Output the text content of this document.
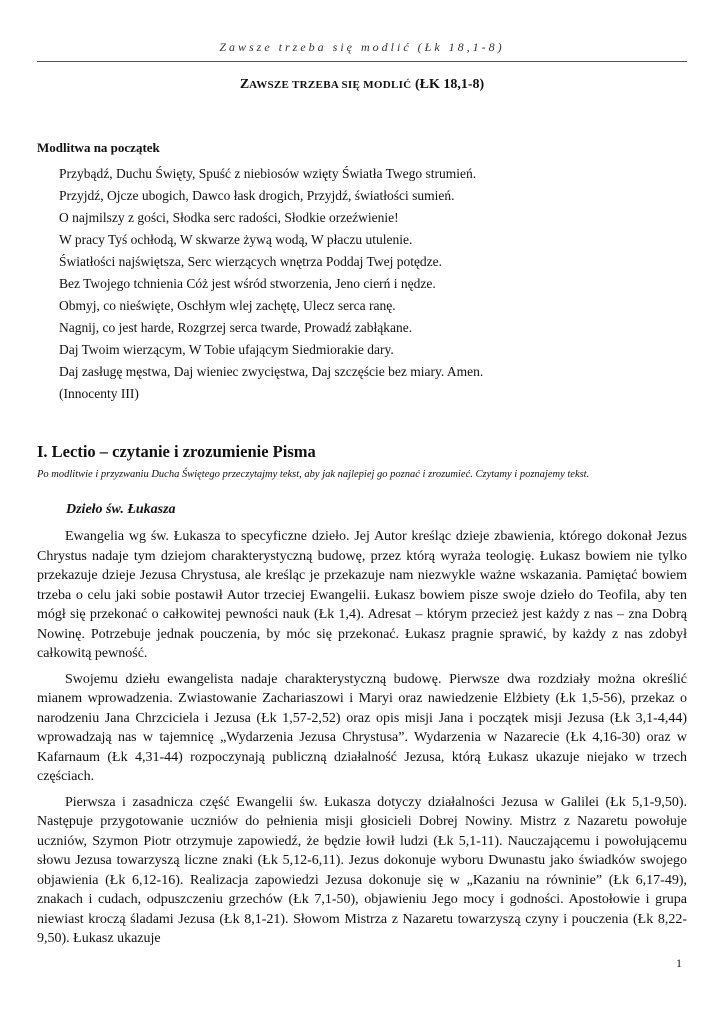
Zawsze trzeba się modlić (Łk 18,1-8)
ZAWSZE TRZEBA SIĘ MODLIĆ (ŁK 18,1-8)
Modlitwa na początek
Przybądź, Duchu Święty, Spuść z niebiosów wzięty Światła Twego strumień.
Przyjdź, Ojcze ubogich, Dawco łask drogich, Przyjdź, światłości sumień.
O najmilszy z gości, Słodka serc radości, Słodkie orzeźwienie!
W pracy Tyś ochłodą, W skwarze żywą wodą, W płaczu utulenie.
Światłości najświętsza, Serc wierzących wnętrza Poddaj Twej potędze.
Bez Twojego tchnienia Cóż jest wśród stworzenia, Jeno cierń i nędze.
Obmyj, co nieświęte, Oschłym wlej zachętę, Ulecz serca ranę.
Nagnij, co jest harde, Rozgrzej serca twarde, Prowadź zabłąkane.
Daj Twoim wierzącym, W Tobie ufającym Siedmiorakie dary.
Daj zasługę męstwa, Daj wieniec zwycięstwa, Daj szczęście bez miary. Amen.
(Innocenty III)
I. Lectio – czytanie i zrozumienie Pisma
Po modlitwie i przyzwaniu Ducha Świętego przeczytajmy tekst, aby jak najlepiej go poznać i zrozumieć. Czytamy i poznajemy tekst.
Dzieło św. Łukasza

Ewangelia wg św. Łukasza to specyficzne dzieło. Jej Autor kreśląc dzieje zbawienia, którego dokonał Jezus Chrystus nadaje tym dziejom charakterystyczną budowę, przez którą wyraża teologię. Łukasz bowiem nie tylko przekazuje dzieje Jezusa Chrystusa, ale kreśląc je przekazuje nam niezwykle ważne wskazania. Pamiętać bowiem trzeba o celu jaki sobie postawił Autor trzeciej Ewangelii. Łukasz bowiem pisze swoje dzieło do Teofila, aby ten mógł się przekonać o całkowitej pewności nauk (Łk 1,4). Adresat – którym przecież jest każdy z nas – zna Dobrą Nowinę. Potrzebuje jednak pouczenia, by móc się przekonać. Łukasz pragnie sprawić, by każdy z nas zdobył całkowitą pewność.

Swojemu dziełu ewangelista nadaje charakterystyczną budowę. Pierwsze dwa rozdziały można określić mianem wprowadzenia. Zwiastowanie Zachariaszowi i Maryi oraz nawiedzenie Elżbiety (Łk 1,5-56), przekaz o narodzeniu Jana Chrzciciela i Jezusa (Łk 1,57-2,52) oraz opis misji Jana i początek misji Jezusa (Łk 3,1-4,44) wprowadzają nas w tajemnicę „Wydarzenia Jezusa Chrystusa”. Wydarzenia w Nazarecie (Łk 4,16-30) oraz w Kafarnaum (Łk 4,31-44) rozpoczynają publiczną działalność Jezusa, którą Łukasz ukazuje niejako w trzech częściach.

Pierwsza i zasadnicza część Ewangelii św. Łukasza dotyczy działalności Jezusa w Galilei (Łk 5,1-9,50). Następuje przygotowanie uczniów do pełnienia misji głosicieli Dobrej Nowiny. Mistrz z Nazaretu powołuje uczniów, Szymon Piotr otrzymuje zapowiedź, że będzie łowił ludzi (Łk 5,1-11). Nauczającemu i powołującemu słowu Jezusa towarzyszą liczne znaki (Łk 5,12-6,11). Jezus dokonuje wyboru Dwunastu jako świadków swojego objawienia (Łk 6,12-16). Realizacja zapowiedzi Jezusa dokonuje się w „Kazaniu na równinie” (Łk 6,17-49), znakach i cudach, odpuszczeniu grzechów (Łk 7,1-50), objawieniu Jego mocy i godności. Apostołowie i grupa niewiast kroczą śladami Jezusa (Łk 8,1-21). Słowom Mistrza z Nazaretu towarzyszą czyny i pouczenia (Łk 8,22-9,50). Łukasz ukazuje

1
